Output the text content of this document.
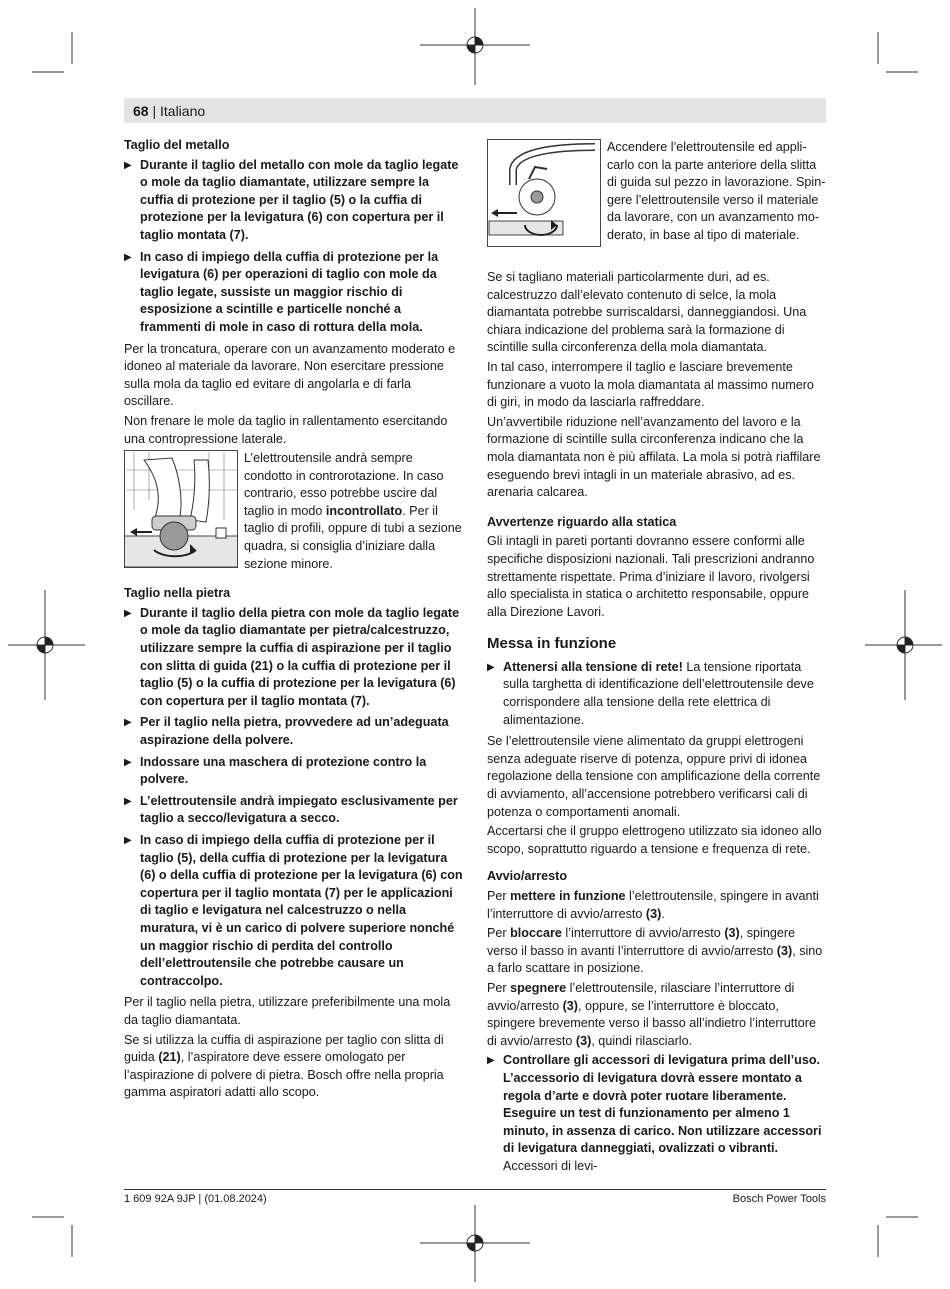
68 | Italiano
Taglio del metallo
▶ Durante il taglio del metallo con mole da taglio legate o mole da taglio diamantate, utilizzare sempre la cuffia di protezione per il taglio (5) o la cuffia di protezione per la levigatura (6) con copertura per il taglio montata (7).
▶ In caso di impiego della cuffia di protezione per la levigatura (6) per operazioni di taglio con mole da taglio legate, sussiste un maggior rischio di esposizione a scintille e particelle nonché a frammenti di mole in caso di rottura della mola.

Per la troncatura, operare con un avanzamento moderato e idoneo al materiale da lavorare. Non esercitare pressione sulla mola da taglio ed evitare di angolarla e di farla oscillare.

Non frenare le mole da taglio in rallentamento esercitando una contropressione laterale.

L’elettroutensile andrà sempre condotto in controrotazione. In caso contrario, esso potrebbe uscire dal taglio in modo incontrollato. Per il taglio di profili, oppure di tubi a sezione quadra, si consiglia d’iniziare dalla sezione minore.
Taglio nella pietra
▶ Durante il taglio della pietra con mole da taglio legate o mole da taglio diamantate per pietra/calcestruzzo, utilizzare sempre la cuffia di aspirazione per il taglio con slitta di guida (21) o la cuffia di protezione per il taglio (5) o la cuffia di protezione per la levigatura (6) con copertura per il taglio montata (7).
▶ Per il taglio nella pietra, provvedere ad un’adeguata aspirazione della polvere.
▶ Indossare una maschera di protezione contro la polvere.
▶ L’elettroutensile andrà impiegato esclusivamente per taglio a secco/levigatura a secco.
▶ In caso di impiego della cuffia di protezione per il taglio (5), della cuffia di protezione per la levigatura (6) o della cuffia di protezione per la levigatura (6) con copertura per il taglio montata (7) per le applicazioni di taglio e levigatura nel calcestruzzo o nella muratura, vi è un carico di polvere superiore nonché un maggior rischio di perdita del controllo dell’elettroutensile che potrebbe causare un contraccolpo.

Per il taglio nella pietra, utilizzare preferibilmente una mola da taglio diamantata.

Se si utilizza la cuffia di aspirazione per taglio con slitta di guida (21), l’aspiratore deve essere omologato per l’aspirazione di polvere di pietra. Bosch offre nella propria gamma aspiratori adatti allo scopo.

Accendere l’elettroutensile ed applicarlo con la parte anteriore della slitta di guida sul pezzo in lavorazione. Spingere l’elettroutensile verso il materiale da lavorare, con un avanzamento moderato, in base al tipo di materiale.

Se si tagliano materiali particolarmente duri, ad es. calcestruzzo dall’elevato contenuto di selce, la mola diamantata potrebbe surriscaldarsi, danneggiandosi. Una chiara indicazione del problema sarà la formazione di scintille sulla circonferenza della mola diamantata.

In tal caso, interrompere il taglio e lasciare brevemente funzionare a vuoto la mola diamantata al massimo numero di giri, in modo da lasciarla raffreddare.

Un’avvertibile riduzione nell’avanzamento del lavoro e la formazione di scintille sulla circonferenza indicano che la mola diamantata non è più affilata. La mola si potrà riaffilare eseguendo brevi intagli in un materiale abrasivo, ad es. arenaria calcarea.

Avvertenze riguardo alla statica

Gli intagli in pareti portanti dovranno essere conformi alle specifiche disposizioni nazionali. Tali prescrizioni andranno strettamente rispettate. Prima d’iniziare il lavoro, rivolgersi allo specialista in statica o architetto responsabile, oppure alla Direzione Lavori.

Messa in funzione
▶ Attenersi alla tensione di rete! La tensione riportata sulla targhetta di identificazione dell’elettroutensile deve corrispondere alla tensione della rete elettrica di alimentazione.

Se l’elettroutensile viene alimentato da gruppi elettrogeni senza adeguate riserve di potenza, oppure privi di idonea regolazione della tensione con amplificazione della corrente di avviamento, all’accensione potrebbero verificarsi cali di potenza o comportamenti anomali.

Accertarsi che il gruppo elettrogeno utilizzato sia idoneo allo scopo, soprattutto riguardo a tensione e frequenza di rete.

Avvio/arresto

Per mettere in funzione l’elettroutensile, spingere in avanti l’interruttore di avvio/arresto (3).

Per bloccare l’interruttore di avvio/arresto (3), spingere verso il basso in avanti l’interruttore di avvio/arresto (3), sino a farlo scattare in posizione.

Per spegnere l’elettroutensile, rilasciare l’interruttore di avvio/arresto (3), oppure, se l’interruttore è bloccato, spingere brevemente verso il basso all’indietro l’interruttore di avvio/arresto (3), quindi rilasciarlo.

▶ Controllare gli accessori di levigatura prima dell’uso. L’accessorio di levigatura dovrà essere montato a regola d’arte e dovrà poter ruotare liberamente. Eseguire un test di funzionamento per almeno 1 minuto, in assenza di carico. Non utilizzare accessori di levigatura danneggiati, ovalizzati o vibranti. Accessori di levi-
1 609 92A 9JP | (01.08.2024)	Bosch Power Tools
